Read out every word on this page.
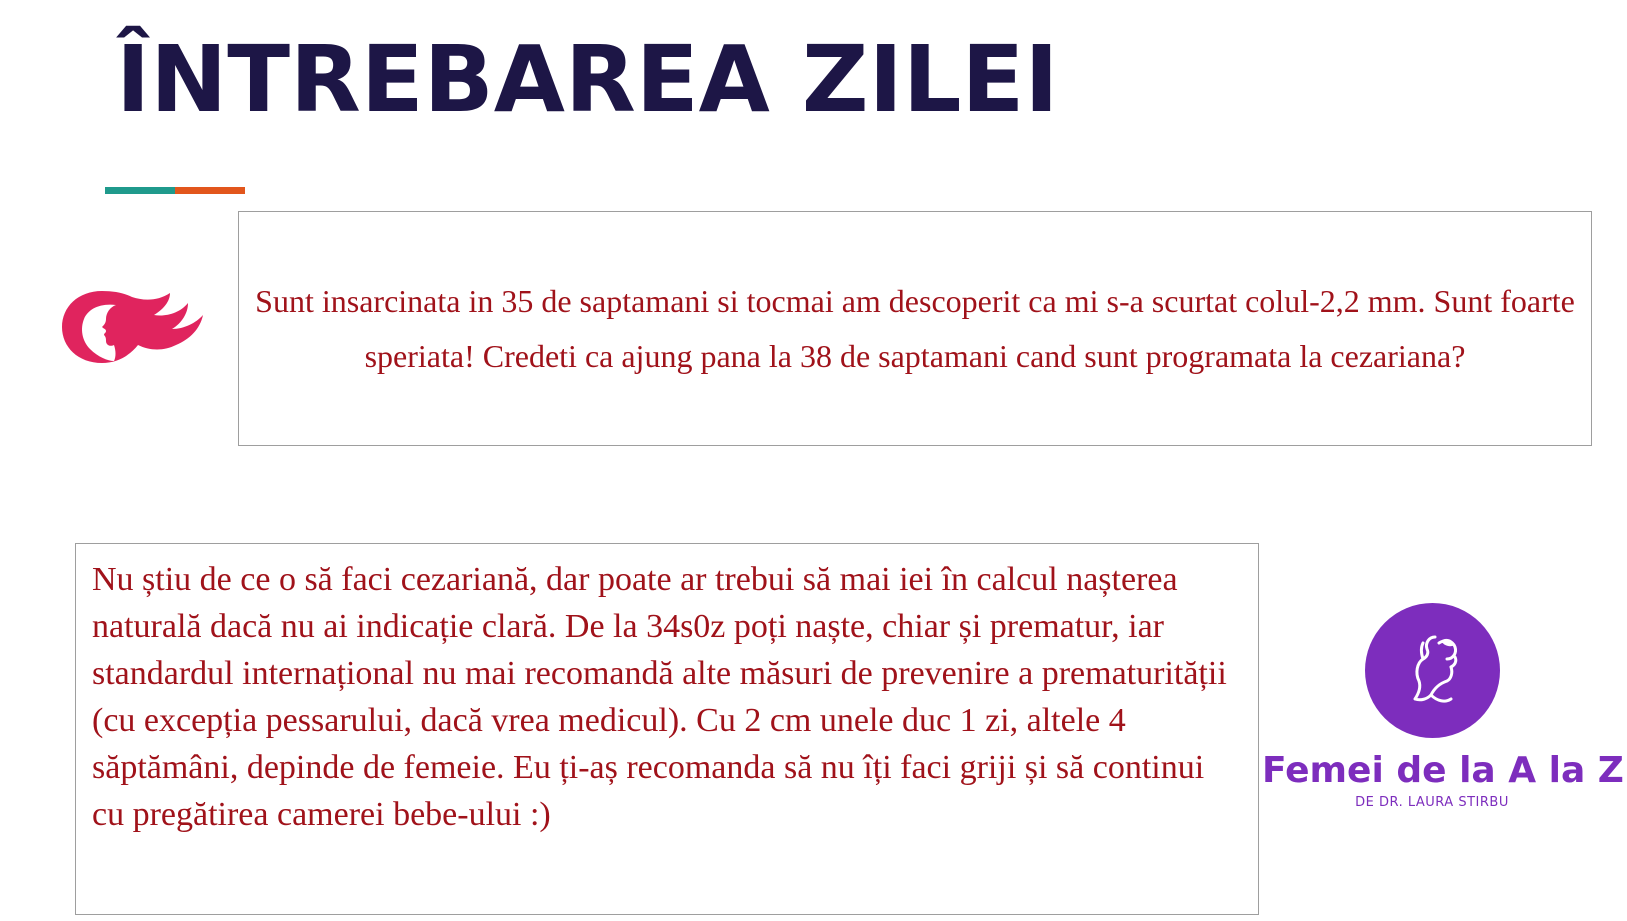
ÎNTREBAREA ZILEI

Sunt insarcinata in 35 de saptamani si tocmai am descoperit ca mi s-a scurtat colul-2,2 mm. Sunt foarte speriata! Credeti ca ajung pana la 38 de saptamani cand sunt programata la cezariana?

Nu știu de ce o să faci cezariană, dar poate ar trebui să mai iei în calcul nașterea naturală dacă nu ai indicație clară. De la 34s0z poți naște, chiar și prematur, iar standardul internațional nu mai recomandă alte măsuri de prevenire a prematurității (cu excepția pessarului, dacă vrea medicul). Cu 2 cm unele duc 1 zi, altele 4 săptămâni, depinde de femeie. Eu ți-aș recomanda să nu îți faci griji și să continui cu pregătirea camerei bebe-ului :)

Femei de la A la Z
DE DR. LAURA STIRBU
